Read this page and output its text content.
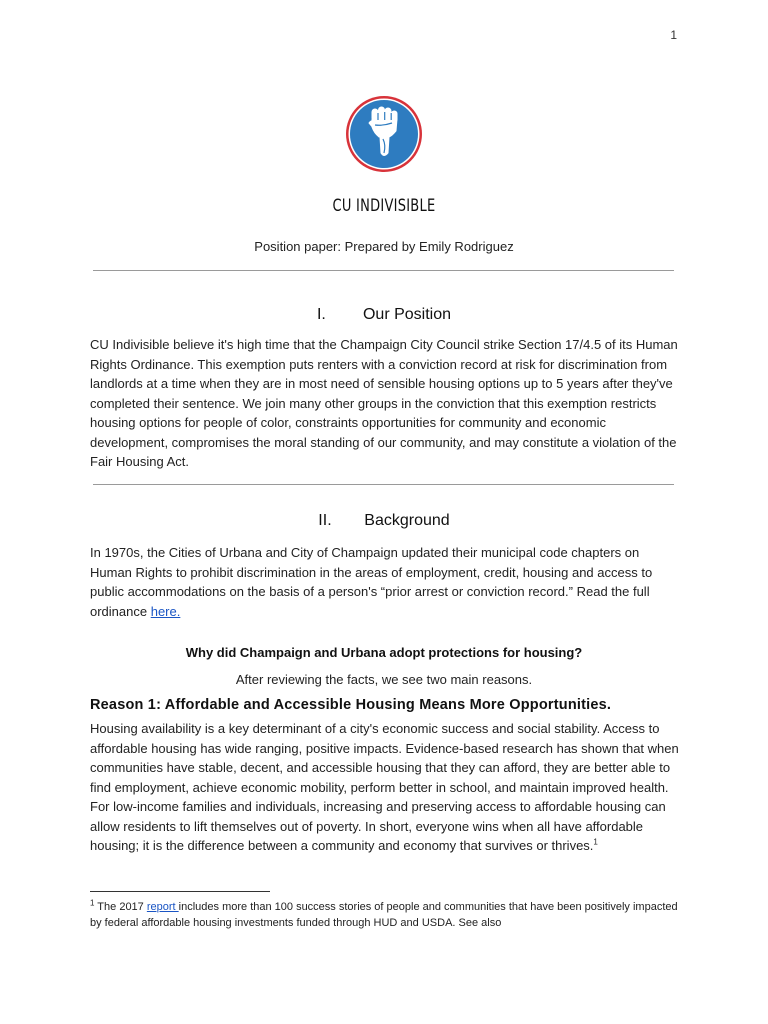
1
CU INDIVISIBLE
Position paper: Prepared by Emily Rodriguez
I. Our Position

CU Indivisible believe it's high time that the Champaign City Council strike Section 17/4.5 of its Human Rights Ordinance. This exemption puts renters with a conviction record at risk for discrimination from landlords at a time when they are in most need of sensible housing options up to 5 years after they've completed their sentence. We join many other groups in the conviction that this exemption restricts housing options for people of color, constraints opportunities for community and economic development, compromises the moral standing of our community, and may constitute a violation of the Fair Housing Act.

II. Background

In 1970s, the Cities of Urbana and City of Champaign updated their municipal code chapters on Human Rights to prohibit discrimination in the areas of employment, credit, housing and access to public accommodations on the basis of a person's “prior arrest or conviction record.” Read the full ordinance here.

Why did Champaign and Urbana adopt protections for housing?
After reviewing the facts, we see two main reasons.
Reason 1: Affordable and Accessible Housing Means More Opportunities.

Housing availability is a key determinant of a city's economic success and social stability. Access to affordable housing has wide ranging, positive impacts. Evidence-based research has shown that when communities have stable, decent, and accessible housing that they can afford, they are better able to find employment, achieve economic mobility, perform better in school, and maintain improved health. For low-income families and individuals, increasing and preserving access to affordable housing can allow residents to lift themselves out of poverty. In short, everyone wins when all have affordable housing; it is the difference between a community and economy that survives or thrives.$^1$

$^1$ The 2017 report includes more than 100 success stories of people and communities that have been positively impacted by federal affordable housing investments funded through HUD and USDA. See also
